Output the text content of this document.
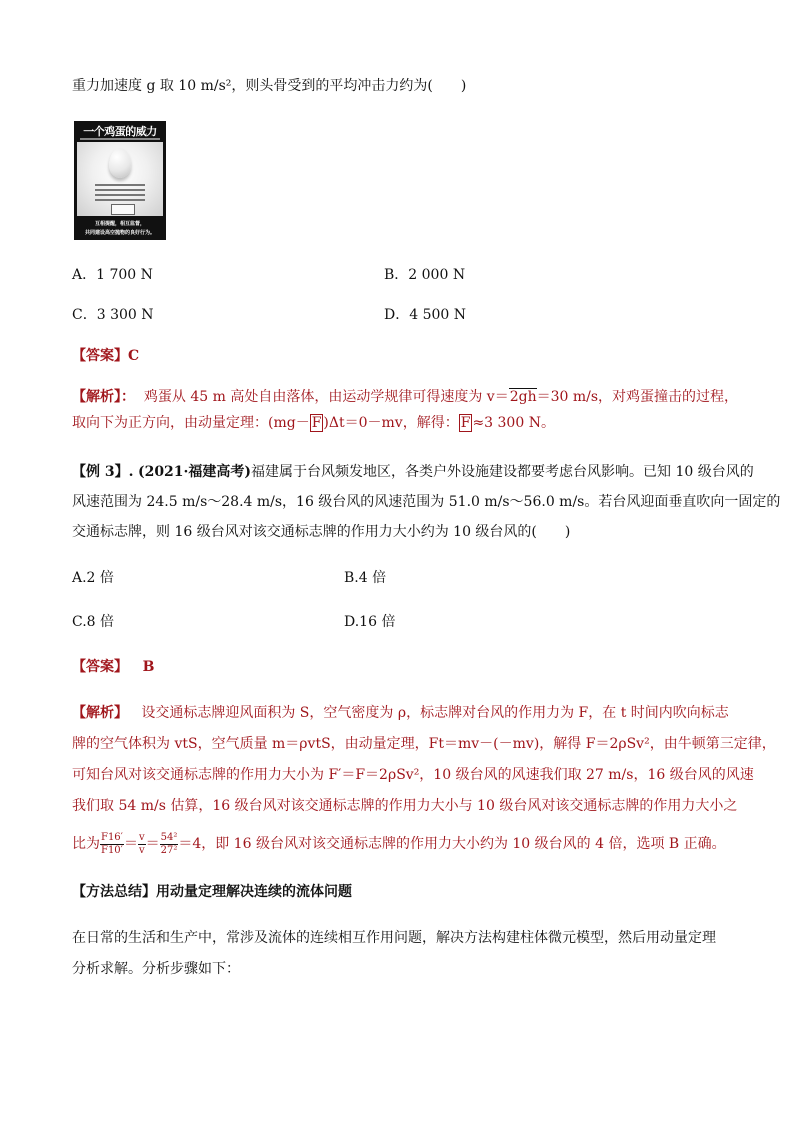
重力加速度 g 取 10 m/s²，则头骨受到的平均冲击力约为(　　)
一个鸡蛋的威力
互相提醒，相互监督，
共同建设高空抛物的良好行为。
A．1 700 N	B．2 000 N
C．3 300 N	D．4 500 N
【答案】C
【解析】： 鸡蛋从 45 m 高处自由落体，由运动学规律可得速度为 v＝2gh＝30 m/s，对鸡蛋撞击的过程，
取向下为正方向，由动量定理：(mg－ F )Δt＝0－mv，解得： F ≈3 300 N。
【例 3】. (2021·福建高考)福建属于台风频发地区，各类户外设施建设都要考虑台风影响。已知 10 级台风的
风速范围为 24.5 m/s～28.4 m/s，16 级台风的风速范围为 51.0 m/s～56.0 m/s。若台风迎面垂直吹向一固定的
交通标志牌，则 16 级台风对该交通标志牌的作用力大小约为 10 级台风的(　　)
A.2 倍	B.4 倍
C.8 倍	D.16 倍
【答案】 B
【解析】 设交通标志牌迎风面积为 S，空气密度为 ρ，标志牌对台风的作用力为 F，在 t 时间内吹向标志
牌的空气体积为 vtS，空气质量 m＝ρvtS，由动量定理，Ft＝mv－(－mv)，解得 F＝2ρSv²，由牛顿第三定律，
可知台风对该交通标志牌的作用力大小为 F′＝F＝2ρSv²，10 级台风的风速我们取 27 m/s，16 级台风的风速
我们取 54 m/s 估算，16 级台风对该交通标志牌的作用力大小与 10 级台风对该交通标志牌的作用力大小之
比为 $\frac{F16'}{F10'} = \frac{v}{v} = \frac{\text{54²}}{\text{27²}} =4$，即 16 级台风对该交通标志牌的作用力大小约为 10 级台风的 4 倍，选项 B 正确。
【方法总结】用动量定理解决连续的流体问题
在日常的生活和生产中，常涉及流体的连续相互作用问题，解决方法构建柱体微元模型，然后用动量定理
分析求解。分析步骤如下：
